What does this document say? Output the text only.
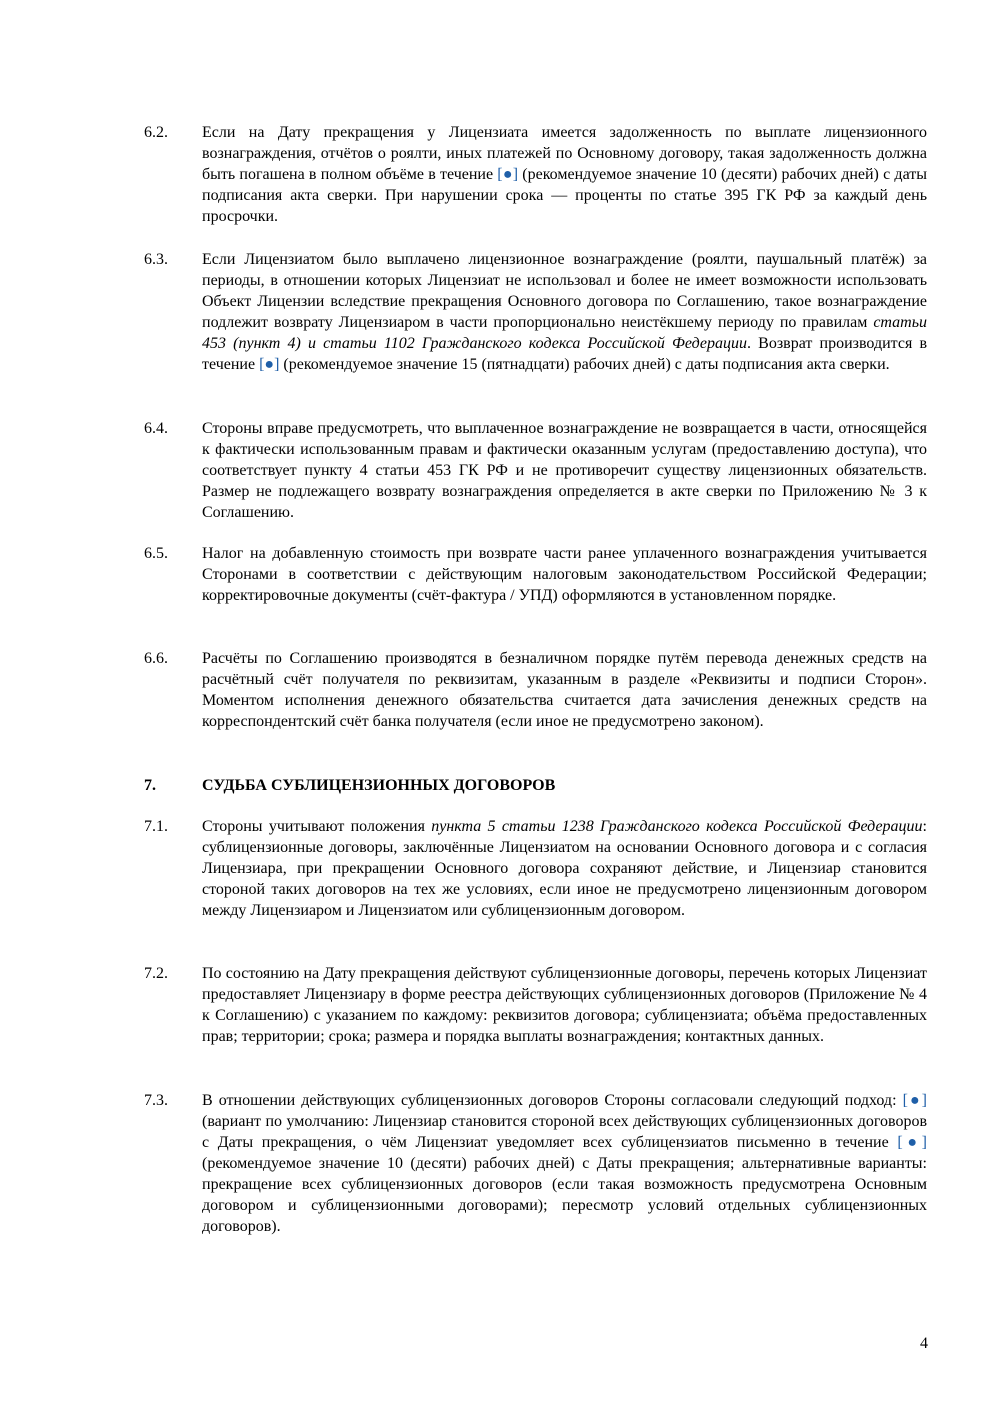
6.2.	Если на Дату прекращения у Лицензиата имеется задолженность по выплате лицензионного вознаграждения, отчётов о роялти, иных платежей по Основному договору, такая задолженность должна быть погашена в полном объёме в течение [●] (рекомендуемое значение 10 (десяти) рабочих дней) с даты подписания акта сверки. При нарушении срока — проценты по статье 395 ГК РФ за каждый день просрочки.
6.3.	Если Лицензиатом было выплачено лицензионное вознаграждение (роялти, паушальный платёж) за периоды, в отношении которых Лицензиат не использовал и более не имеет возможности использовать Объект Лицензии вследствие прекращения Основного договора по Соглашению, такое вознаграждение подлежит возврату Лицензиаром в части пропорционально неистёкшему периоду по правилам статьи 453 (пункт 4) и статьи 1102 Гражданского кодекса Российской Федерации. Возврат производится в течение [●] (рекомендуемое значение 15 (пятнадцати) рабочих дней) с даты подписания акта сверки.
6.4.	Стороны вправе предусмотреть, что выплаченное вознаграждение не возвращается в части, относящейся к фактически использованным правам и фактически оказанным услугам (предоставлению доступа), что соответствует пункту 4 статьи 453 ГК РФ и не противоречит существу лицензионных обязательств. Размер не подлежащего возврату вознаграждения определяется в акте сверки по Приложению № 3 к Соглашению.
6.5.	Налог на добавленную стоимость при возврате части ранее уплаченного вознаграждения учитывается Сторонами в соответствии с действующим налоговым законодательством Российской Федерации; корректировочные документы (счёт-фактура / УПД) оформляются в установленном порядке.
6.6.	Расчёты по Соглашению производятся в безналичном порядке путём перевода денежных средств на расчётный счёт получателя по реквизитам, указанным в разделе «Реквизиты и подписи Сторон». Моментом исполнения денежного обязательства считается дата зачисления денежных средств на корреспондентский счёт банка получателя (если иное не предусмотрено законом).
7.	СУДЬБА СУБЛИЦЕНЗИОННЫХ ДОГОВОРОВ
7.1.	Стороны учитывают положения пункта 5 статьи 1238 Гражданского кодекса Российской Федерации: сублицензионные договоры, заключённые Лицензиатом на основании Основного договора и с согласия Лицензиара, при прекращении Основного договора сохраняют действие, и Лицензиар становится стороной таких договоров на тех же условиях, если иное не предусмотрено лицензионным договором между Лицензиаром и Лицензиатом или сублицензионным договором.
7.2.	По состоянию на Дату прекращения действуют сублицензионные договоры, перечень которых Лицензиат предоставляет Лицензиару в форме реестра действующих сублицензионных договоров (Приложение № 4 к Соглашению) с указанием по каждому: реквизитов договора; сублицензиата; объёма предоставленных прав; территории; срока; размера и порядка выплаты вознаграждения; контактных данных.
7.3.	В отношении действующих сублицензионных договоров Стороны согласовали следующий подход: [●] (вариант по умолчанию: Лицензиар становится стороной всех действующих сублицензионных договоров с Даты прекращения, о чём Лицензиат уведомляет всех сублицензиатов письменно в течение [●] (рекомендуемое значение 10 (десяти) рабочих дней) с Даты прекращения; альтернативные варианты: прекращение всех сублицензионных договоров (если такая возможность предусмотрена Основным договором и сублицензионными договорами); пересмотр условий отдельных сублицензионных договоров).
4
